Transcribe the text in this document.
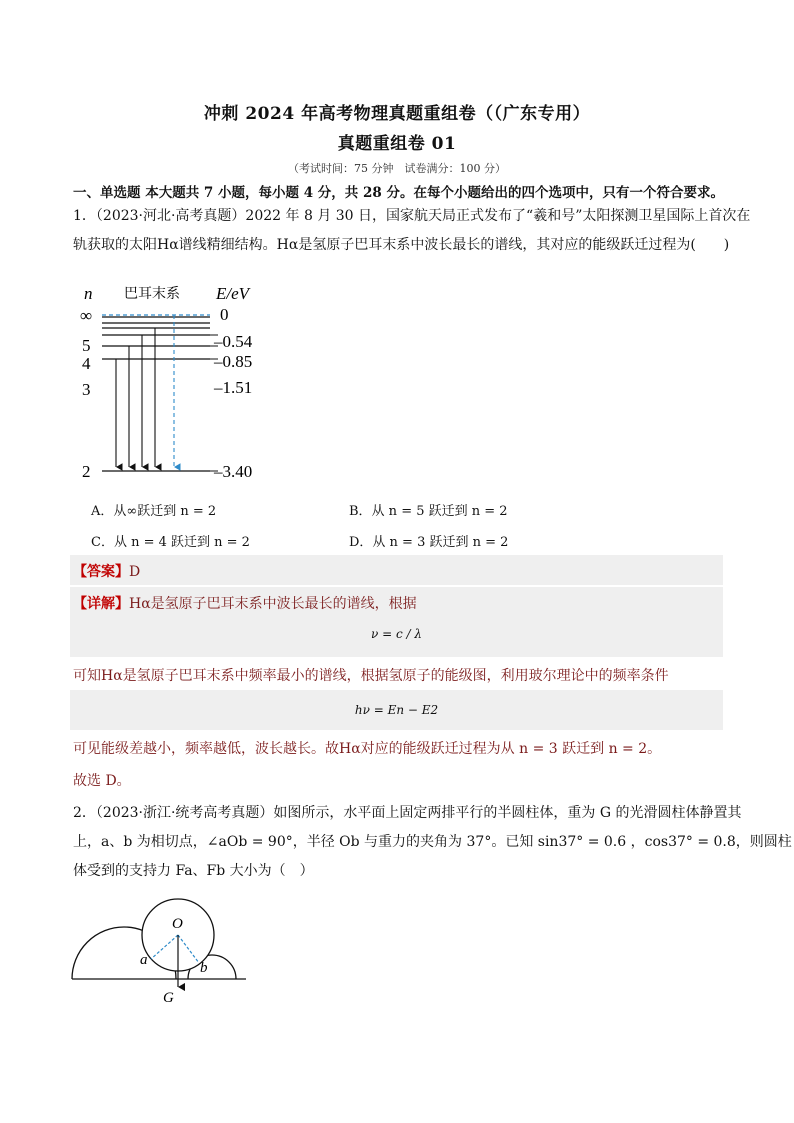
冲刺 2024 年高考物理真题重组卷（（广东专用）
真题重组卷 01
（考试时间：75 分钟　试卷满分：100 分）
一、单选题 本大题共 7 小题，每小题 4 分，共 28 分。在每个小题给出的四个选项中，只有一个符合要求。
1．（2023·河北·高考真题）2022 年 8 月 30 日，国家航天局正式发布了“羲和号”太阳探测卫星国际上首次在
轨获取的太阳Hα谱线精细结构。Hα是氢原子巴耳末系中波长最长的谱线，其对应的能级跃迁过程为(　　)
n 巴耳末系 E/eV
∞
5
4
3
2
0
–0.54
–0.85
–1.51
–3.40
A．从∞跃迁到 n = 2	B．从 n = 5 跃迁到 n = 2
C．从 n = 4 跃迁到 n = 2	D．从 n = 3 跃迁到 n = 2
【答案】D
【详解】Hα是氢原子巴耳末系中波长最长的谱线，根据
ν = c / λ
可知Hα是氢原子巴耳末系中频率最小的谱线，根据氢原子的能级图，利用玻尔理论中的频率条件
hν = En − E2
可见能级差越小，频率越低，波长越长。故Hα对应的能级跃迁过程为从 n = 3 跃迁到 n = 2。
故选 D。
2．（2023·浙江·统考高考真题）如图所示，水平面上固定两排平行的半圆柱体，重为 G 的光滑圆柱体静置其
上，a、b 为相切点，∠aOb = 90°，半径 Ob 与重力的夹角为 37°。已知 sin37° = 0.6 ，cos37° = 0.8，则圆柱
体受到的支持力 Fa、Fb 大小为（　）
O
a	b
G
